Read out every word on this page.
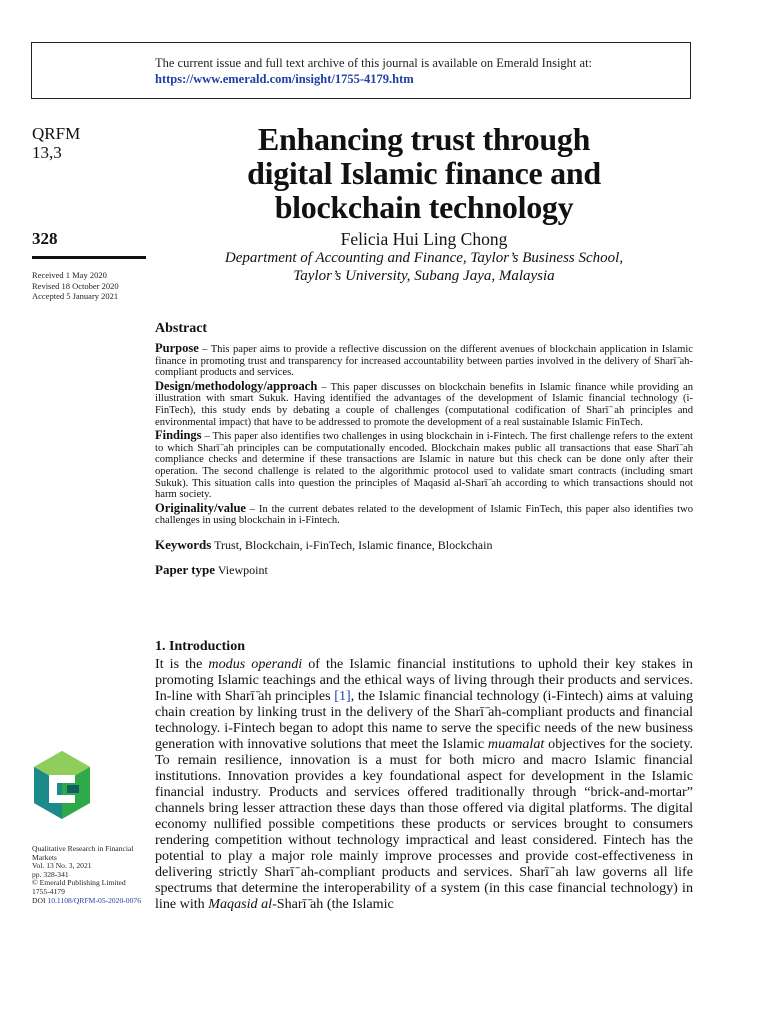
The current issue and full text archive of this journal is available on Emerald Insight at:
https://www.emerald.com/insight/1755-4179.htm
QRFM
13,3
328
Received 1 May 2020
Revised 18 October 2020
Accepted 5 January 2021
Enhancing trust through
digital Islamic finance and
blockchain technology
Felicia Hui Ling Chong
Department of Accounting and Finance, Taylor’s Business School,
Taylor’s University, Subang Jaya, Malaysia
Abstract

Purpose – This paper aims to provide a reflective discussion on the different avenues of blockchain application in Islamic finance in promoting trust and transparency for increased accountability between parties involved in the delivery of Sharī ̄ah-compliant products and services.

Design/methodology/approach – This paper discusses on blockchain benefits in Islamic finance while providing an illustration with smart Sukuk. Having identified the advantages of the development of Islamic financial technology (i-FinTech), this study ends by debating a couple of challenges (computational codification of Sharī ̄ah principles and environmental impact) that have to be addressed to promote the development of a real sustainable Islamic FinTech.

Findings – This paper also identifies two challenges in using blockchain in i-Fintech. The first challenge refers to the extent to which Sharī ̄ah principles can be computationally encoded. Blockchain makes public all transactions that ease Sharī ̄ah compliance checks and determine if these transactions are Islamic in nature but this check can be done only after their operation. The second challenge is related to the algorithmic protocol used to validate smart contracts (including smart Sukuk). This situation calls into question the principles of Maqasid al-Sharī ̄ah according to which transactions should not harm society.

Originality/value – In the current debates related to the development of Islamic FinTech, this paper also identifies two challenges in using blockchain in i-Fintech.

Keywords Trust, Blockchain, i-FinTech, Islamic finance, Blockchain
Paper type Viewpoint
1. Introduction

It is the modus operandi of the Islamic financial institutions to uphold their key stakes in promoting Islamic teachings and the ethical ways of living through their products and services. In-line with Sharī ̄ah principles [1], the Islamic financial technology (i-Fintech) aims at valuing chain creation by linking trust in the delivery of the Sharī ̄ah-compliant products and financial technology. i-Fintech began to adopt this name to serve the specific needs of the new business generation with innovative solutions that meet the Islamic muamalat objectives for the society. To remain resilience, innovation is a must for both micro and macro Islamic financial institutions. Innovation provides a key foundational aspect for development in the Islamic financial industry. Products and services offered traditionally through “brick-and-mortar” channels bring lesser attraction these days than those offered via digital platforms. The digital economy nullified possible competitions these products or services brought to consumers rendering competition without technology impractical and least considered. Fintech has the potential to play a major role mainly improve processes and provide cost-effectiveness in delivering strictly Sharī ̄ah-compliant products and services. Sharī ̄ah law governs all life spectrums that determine the interoperability of a system (in this case financial technology) in line with Maqasid al-Sharī ̄ah (the Islamic

Qualitative Research in Financial
Markets
Vol. 13 No. 3, 2021
pp. 328-341
© Emerald Publishing Limited
1755-4179
DOI 10.1108/QRFM-05-2020-0076
